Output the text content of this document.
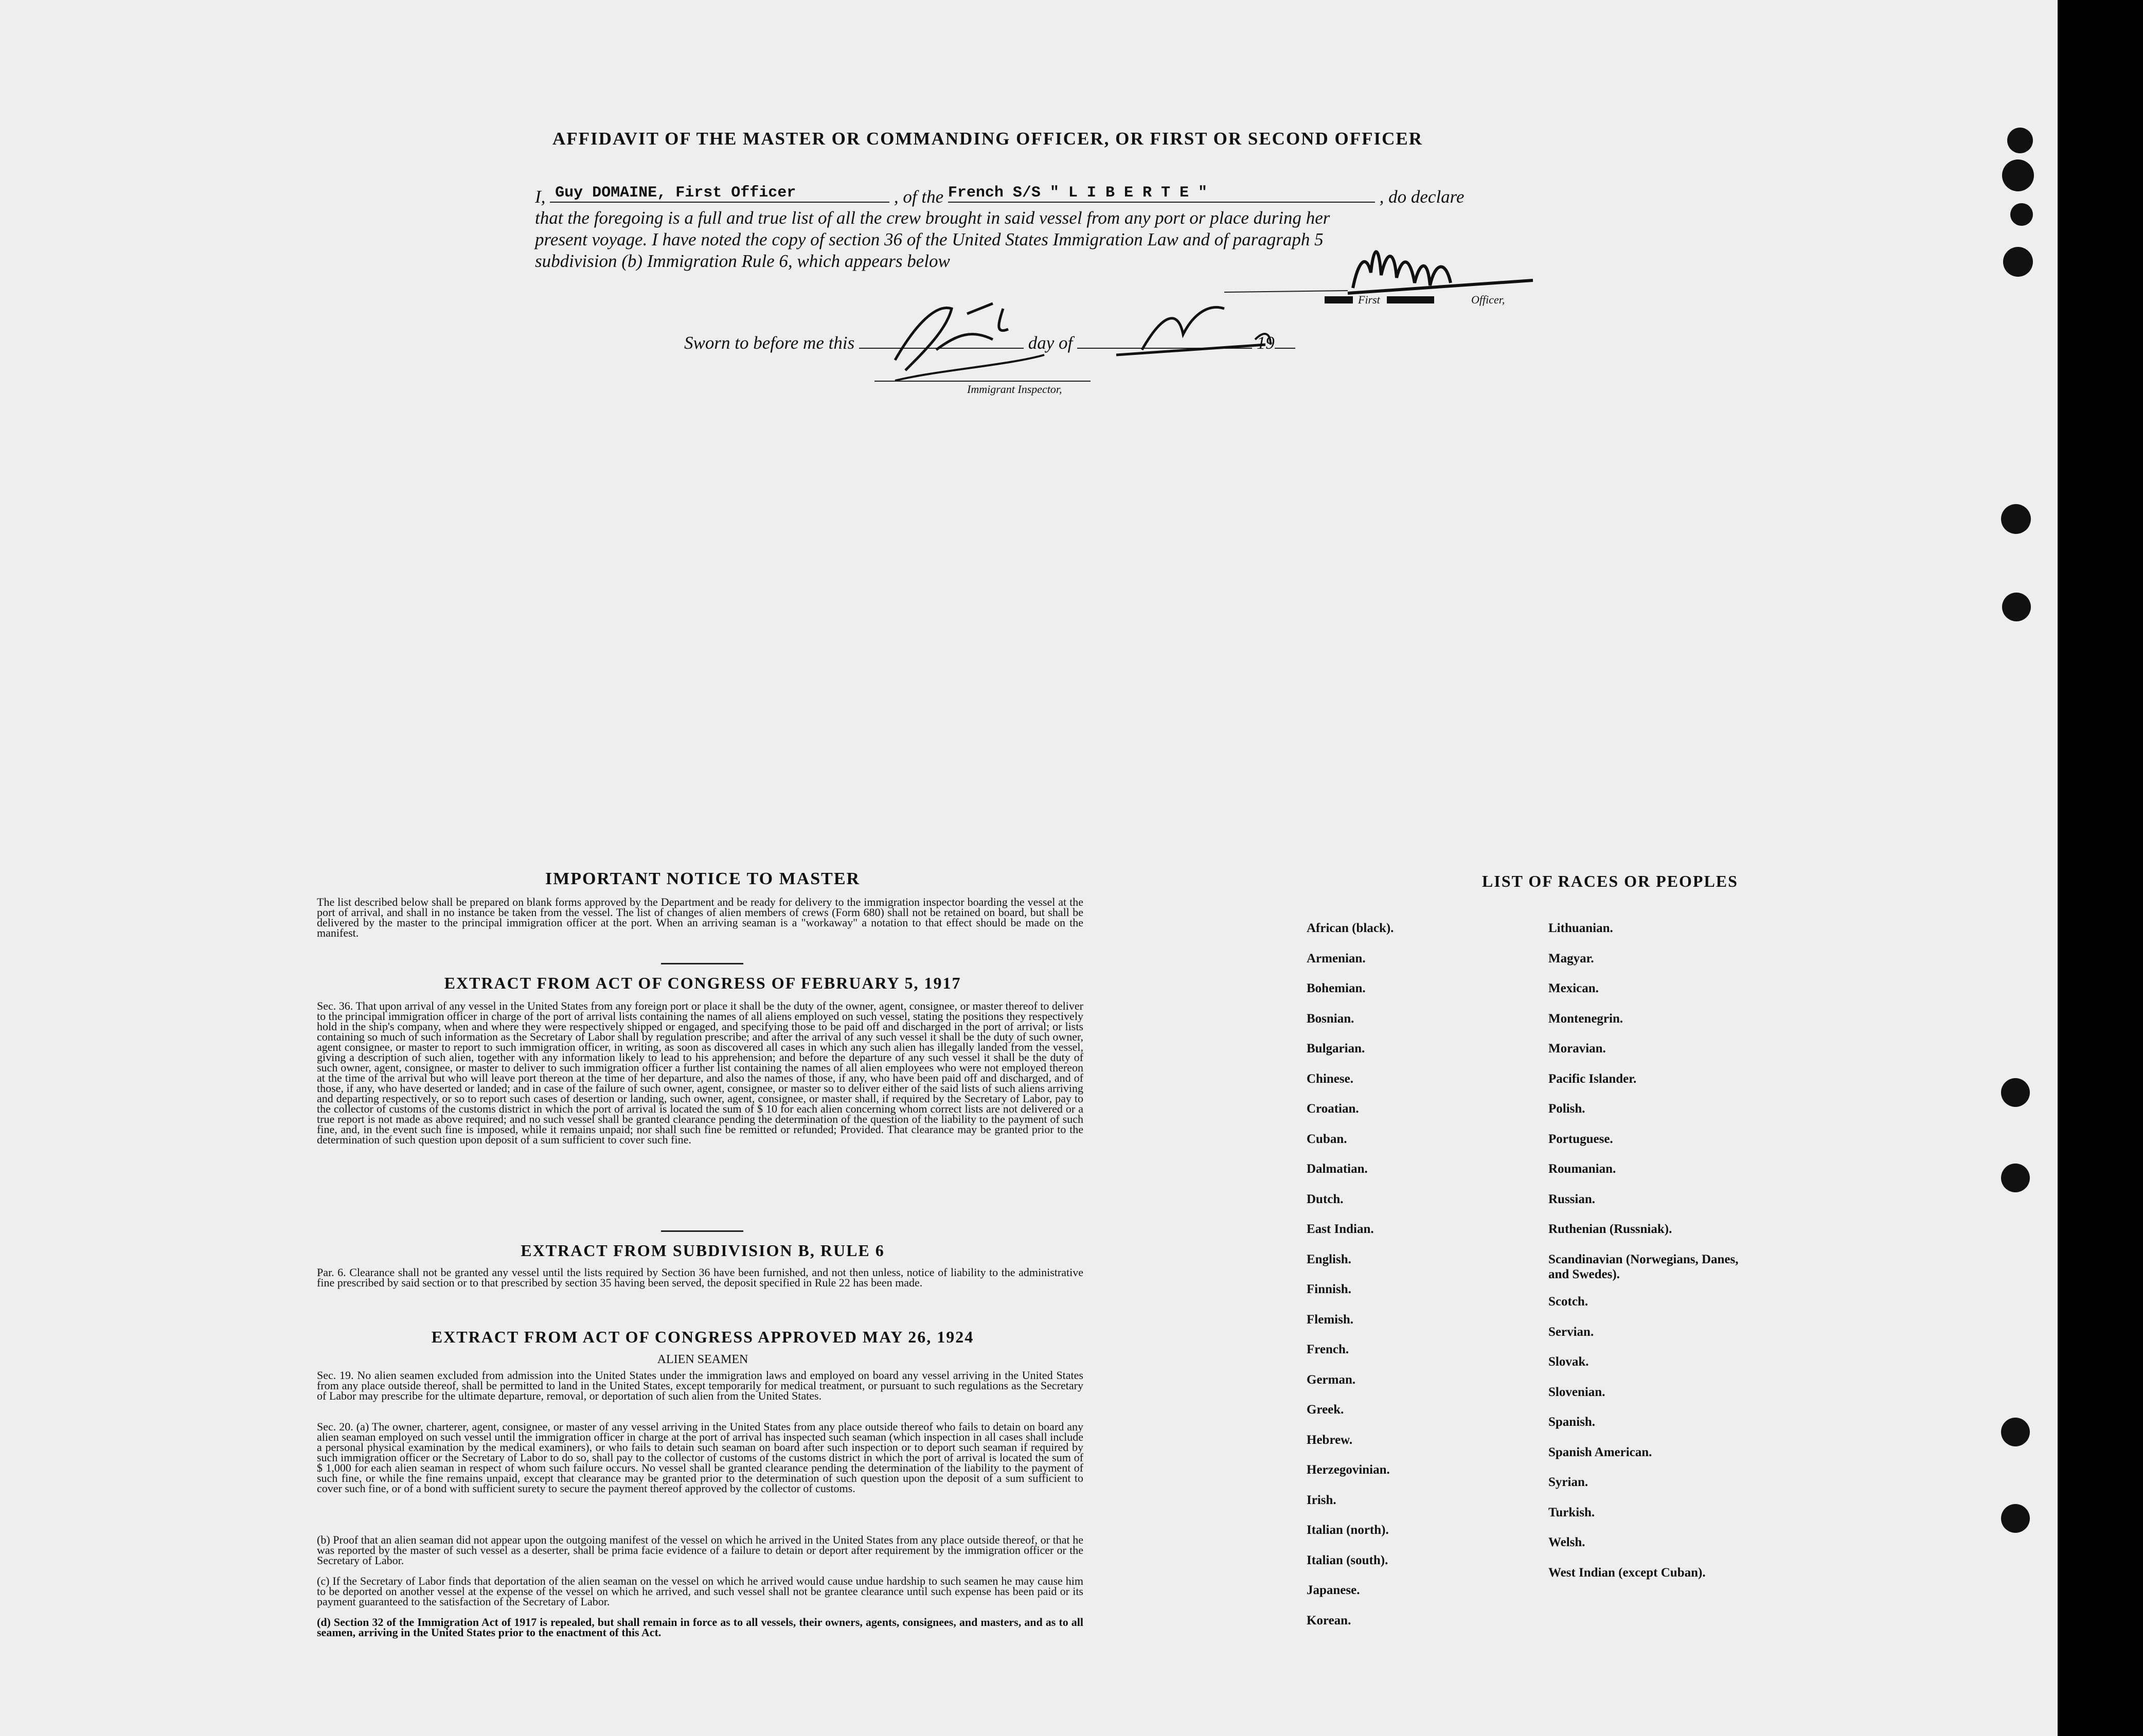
AFFIDAVIT OF THE MASTER OR COMMANDING OFFICER, OR FIRST OR SECOND OFFICER
I, Guy DOMAINE, First Officer	, of the French S/S " L I B E R T E "	, do declare
that the foregoing is a full and true list of all the crew brought in said vessel from any port or place during her
present voyage. I have noted the copy of section 36 of the United States Immigration Law and of paragraph 5
subdivision (b) Immigration Rule 6, which appears below
First	Officer,
Sworn to before me this	day of	19
Immigrant Inspector,
IMPORTANT NOTICE TO MASTER
The list described below shall be prepared on blank forms approved by the Department and be ready for delivery to the immigration inspector boarding the vessel at the port of arrival, and shall in no instance be taken from the vessel. The list of changes of alien members of crews (Form 680) shall not be retained on board, but shall be delivered by the master to the principal immigration officer at the port. When an arriving seaman is a "workaway" a notation to that effect should be made on the manifest.
EXTRACT FROM ACT OF CONGRESS OF FEBRUARY 5, 1917
Sec. 36. That upon arrival of any vessel in the United States from any foreign port or place it shall be the duty of the owner, agent, consignee, or master thereof to deliver to the principal immigration officer in charge of the port of arrival lists containing the names of all aliens employed on such vessel, stating the positions they respectively hold in the ship's company, when and where they were respectively shipped or engaged, and specifying those to be paid off and discharged in the port of arrival; or lists containing so much of such information as the Secretary of Labor shall by regulation prescribe; and after the arrival of any such vessel it shall be the duty of such owner, agent consignee, or master to report to such immigration officer, in writing, as soon as discovered all cases in which any such alien has illegally landed from the vessel, giving a description of such alien, together with any information likely to lead to his apprehension; and before the departure of any such vessel it shall be the duty of such owner, agent, consignee, or master to deliver to such immigration officer a further list containing the names of all alien employees who were not employed thereon at the time of the arrival but who will leave port thereon at the time of her departure, and also the names of those, if any, who have been paid off and discharged, and of those, if any, who have deserted or landed; and in case of the failure of such owner, agent, consignee, or master so to deliver either of the said lists of such aliens arriving and departing respectively, or so to report such cases of desertion or landing, such owner, agent, consignee, or master shall, if required by the Secretary of Labor, pay to the collector of customs of the customs district in which the port of arrival is located the sum of $ 10 for each alien concerning whom correct lists are not delivered or a true report is not made as above required; and no such vessel shall be granted clearance pending the determination of the question of the liability to the payment of such fine, and, in the event such fine is imposed, while it remains unpaid; nor shall such fine be remitted or refunded; Provided. That clearance may be granted prior to the determination of such question upon deposit of a sum sufficient to cover such fine.
EXTRACT FROM SUBDIVISION B, RULE 6
Par. 6. Clearance shall not be granted any vessel until the lists required by Section 36 have been furnished, and not then unless, notice of liability to the administrative fine prescribed by said section or to that prescribed by section 35 having been served, the deposit specified in Rule 22 has been made.
EXTRACT FROM ACT OF CONGRESS APPROVED MAY 26, 1924
ALIEN SEAMEN
Sec. 19. No alien seamen excluded from admission into the United States under the immigration laws and employed on board any vessel arriving in the United States from any place outside thereof, shall be permitted to land in the United States, except temporarily for medical treatment, or pursuant to such regulations as the Secretary of Labor may prescribe for the ultimate departure, removal, or deportation of such alien from the United States.
Sec. 20. (a) The owner, charterer, agent, consignee, or master of any vessel arriving in the United States from any place outside thereof who fails to detain on board any alien seaman employed on such vessel until the immigration officer in charge at the port of arrival has inspected such seaman (which inspection in all cases shall include a personal physical examination by the medical examiners), or who fails to detain such seaman on board after such inspection or to deport such seaman if required by such immigration officer or the Secretary of Labor to do so, shall pay to the collector of customs of the customs district in which the port of arrival is located the sum of $ 1,000 for each alien seaman in respect of whom such failure occurs. No vessel shall be granted clearance pending the determination of the liability to the payment of such fine, or while the fine remains unpaid, except that clearance may be granted prior to the determination of such question upon the deposit of a sum sufficient to cover such fine, or of a bond with sufficient surety to secure the payment thereof approved by the collector of customs.
(b) Proof that an alien seaman did not appear upon the outgoing manifest of the vessel on which he arrived in the United States from any place outside thereof, or that he was reported by the master of such vessel as a deserter, shall be prima facie evidence of a failure to detain or deport after requirement by the immigration officer or the Secretary of Labor.
(c) If the Secretary of Labor finds that deportation of the alien seaman on the vessel on which he arrived would cause undue hardship to such seamen he may cause him to be deported on another vessel at the expense of the vessel on which he arrived, and such vessel shall not be grantee clearance until such expense has been paid or its payment guaranteed to the satisfaction of the Secretary of Labor.
(d) Section 32 of the Immigration Act of 1917 is repealed, but shall remain in force as to all vessels, their owners, agents, consignees, and masters, and as to all seamen, arriving in the United States prior to the enactment of this Act.
LIST OF RACES OR PEOPLES
African (black).
Armenian.
Bohemian.
Bosnian.
Bulgarian.
Chinese.
Croatian.
Cuban.
Dalmatian.
Dutch.
East Indian.
English.
Finnish.
Flemish.
French.
German.
Greek.
Hebrew.
Herzegovinian.
Irish.
Italian (north).
Italian (south).
Japanese.
Korean.
Lithuanian.
Magyar.
Mexican.
Montenegrin.
Moravian.
Pacific Islander.
Polish.
Portuguese.
Roumanian.
Russian.
Ruthenian (Russniak).
Scandinavian (Norwegians, Danes, and Swedes).
Scotch.
Servian.
Slovak.
Slovenian.
Spanish.
Spanish American.
Syrian.
Turkish.
Welsh.
West Indian (except Cuban).
